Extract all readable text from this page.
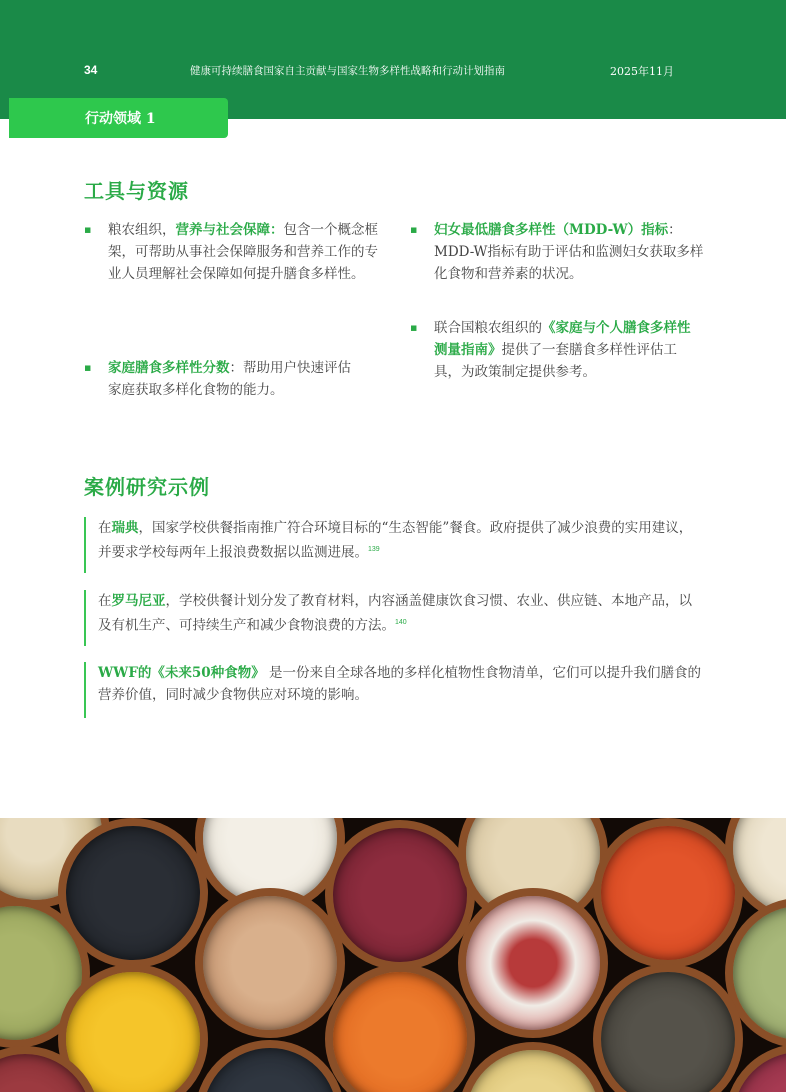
34	健康可持续膳食国家自主贡献与国家生物多样性战略和行动计划指南	2025年11月
行动领域 1
工具与资源
▪ 粮农组织，营养与社会保障：包含一个概念框架，可帮助从事社会保障服务和营养工作的专业人员理解社会保障如何提升膳食多样性。
▪ 家庭膳食多样性分数：帮助用户快速评估家庭获取多样化食物的能力。
▪ 妇女最低膳食多样性（MDD-W）指标：MDD-W指标有助于评估和监测妇女获取多样化食物和营养素的状况。
▪ 联合国粮农组织的《家庭与个人膳食多样性测量指南》提供了一套膳食多样性评估工具，为政策制定提供参考。
案例研究示例
在瑞典，国家学校供餐指南推广符合环境目标的“生态智能”餐食。政府提供了减少浪费的实用建议，并要求学校每两年上报浪费数据以监测进展。$^{139}$
在罗马尼亚，学校供餐计划分发了教育材料，内容涵盖健康饮食习惯、农业、供应链、本地产品，以及有机生产、可持续生产和减少食物浪费的方法。$^{140}$
WWF的《未来50种食物》 是一份来自全球各地的多样化植物性食物清单，它们可以提升我们膳食的营养价值，同时减少食物供应对环境的影响。
